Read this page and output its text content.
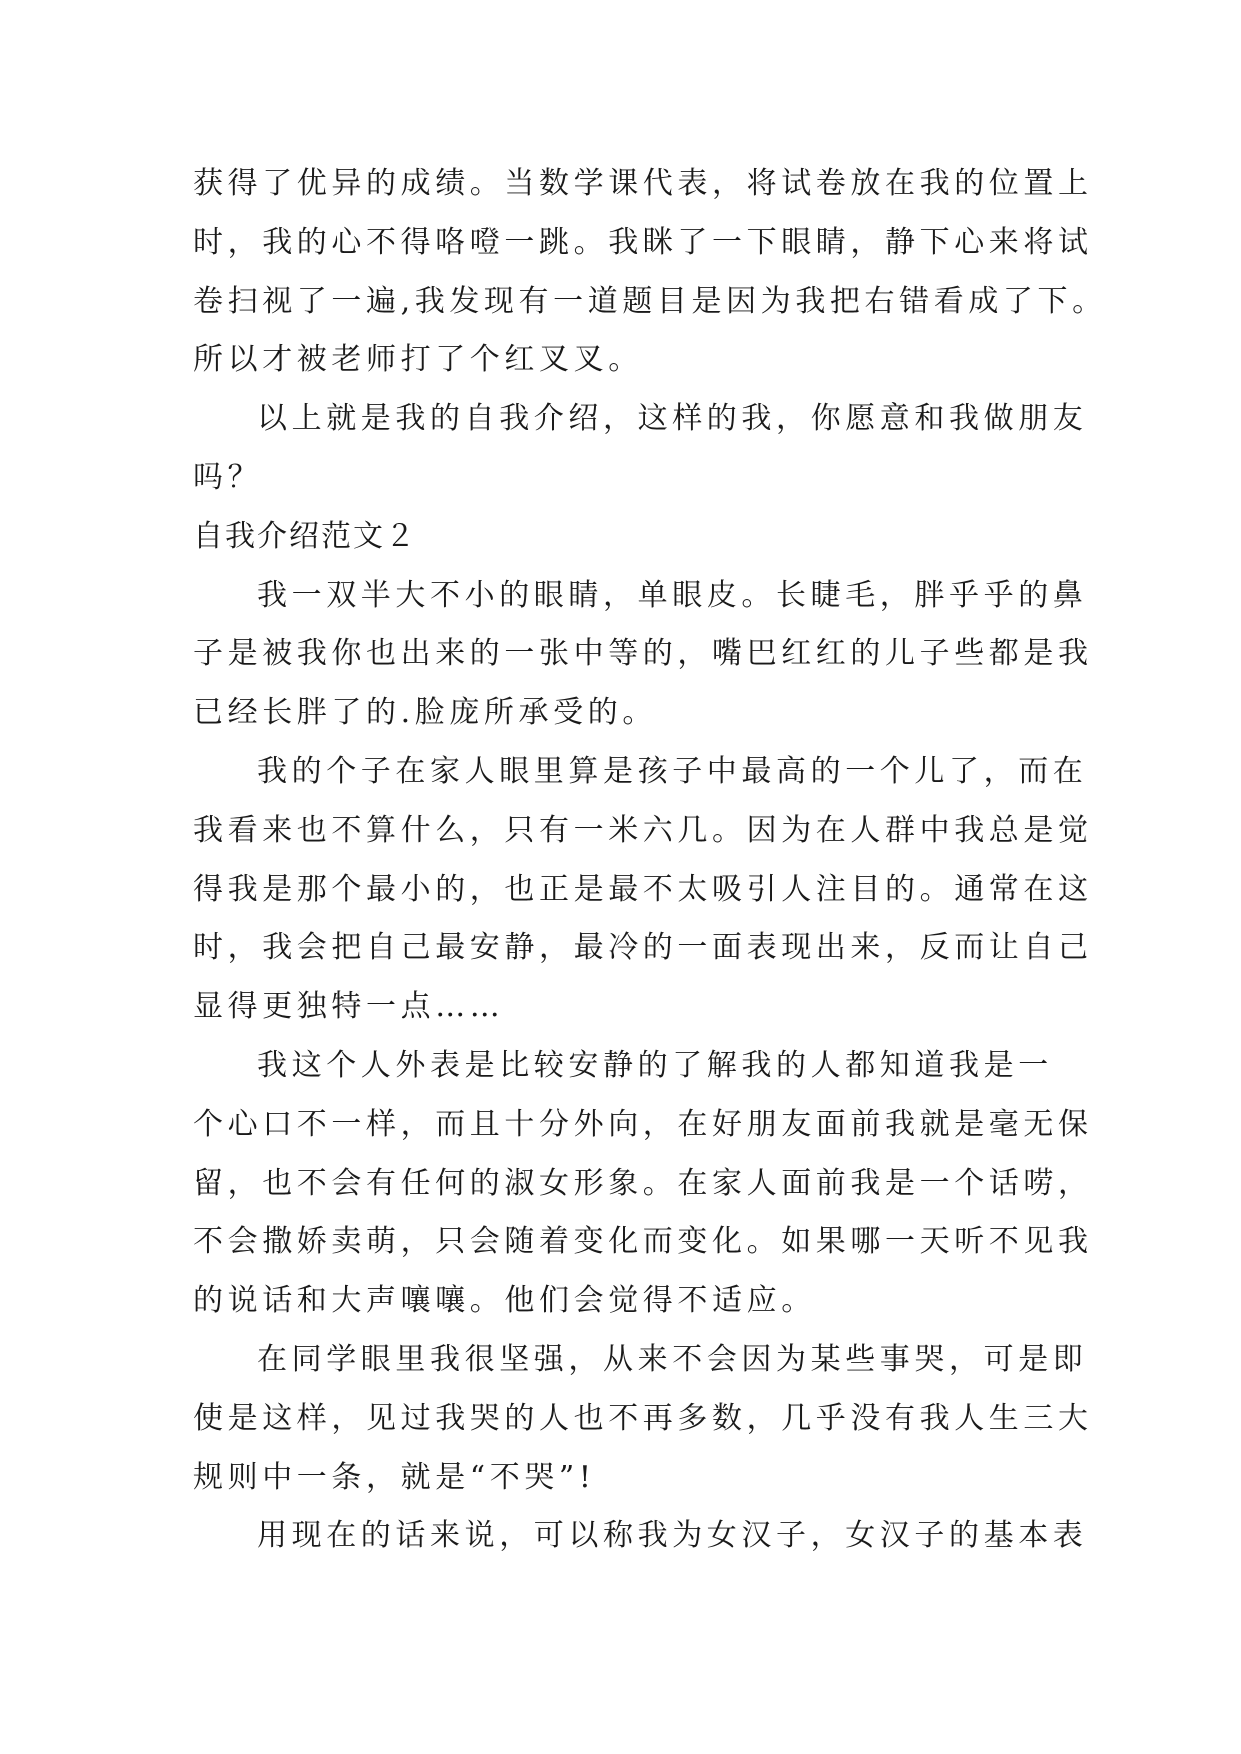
获得了优异的成绩。当数学课代表，将试卷放在我的位置上
时，我的心不得咯噔一跳。我眯了一下眼睛，静下心来将试
卷扫视了一遍,我发现有一道题目是因为我把右错看成了下。
所以才被老师打了个红叉叉。
以上就是我的自我介绍，这样的我，你愿意和我做朋友
吗？
自我介绍范文２
我一双半大不小的眼睛，单眼皮。长睫毛，胖乎乎的鼻
子是被我你也出来的一张中等的，嘴巴红红的儿子些都是我
已经长胖了的.脸庞所承受的。
我的个子在家人眼里算是孩子中最高的一个儿了，而在
我看来也不算什么，只有一米六几。因为在人群中我总是觉
得我是那个最小的，也正是最不太吸引人注目的。通常在这
时，我会把自己最安静，最冷的一面表现出来，反而让自己
显得更独特一点……
我这个人外表是比较安静的了解我的人都知道我是一
个心口不一样，而且十分外向，在好朋友面前我就是毫无保
留，也不会有任何的淑女形象。在家人面前我是一个话唠，
不会撒娇卖萌，只会随着变化而变化。如果哪一天听不见我
的说话和大声嚷嚷。他们会觉得不适应。
在同学眼里我很坚强，从来不会因为某些事哭，可是即
使是这样，见过我哭的人也不再多数，几乎没有我人生三大
规则中一条，就是“不哭”!
用现在的话来说，可以称我为女汉子，女汉子的基本表
